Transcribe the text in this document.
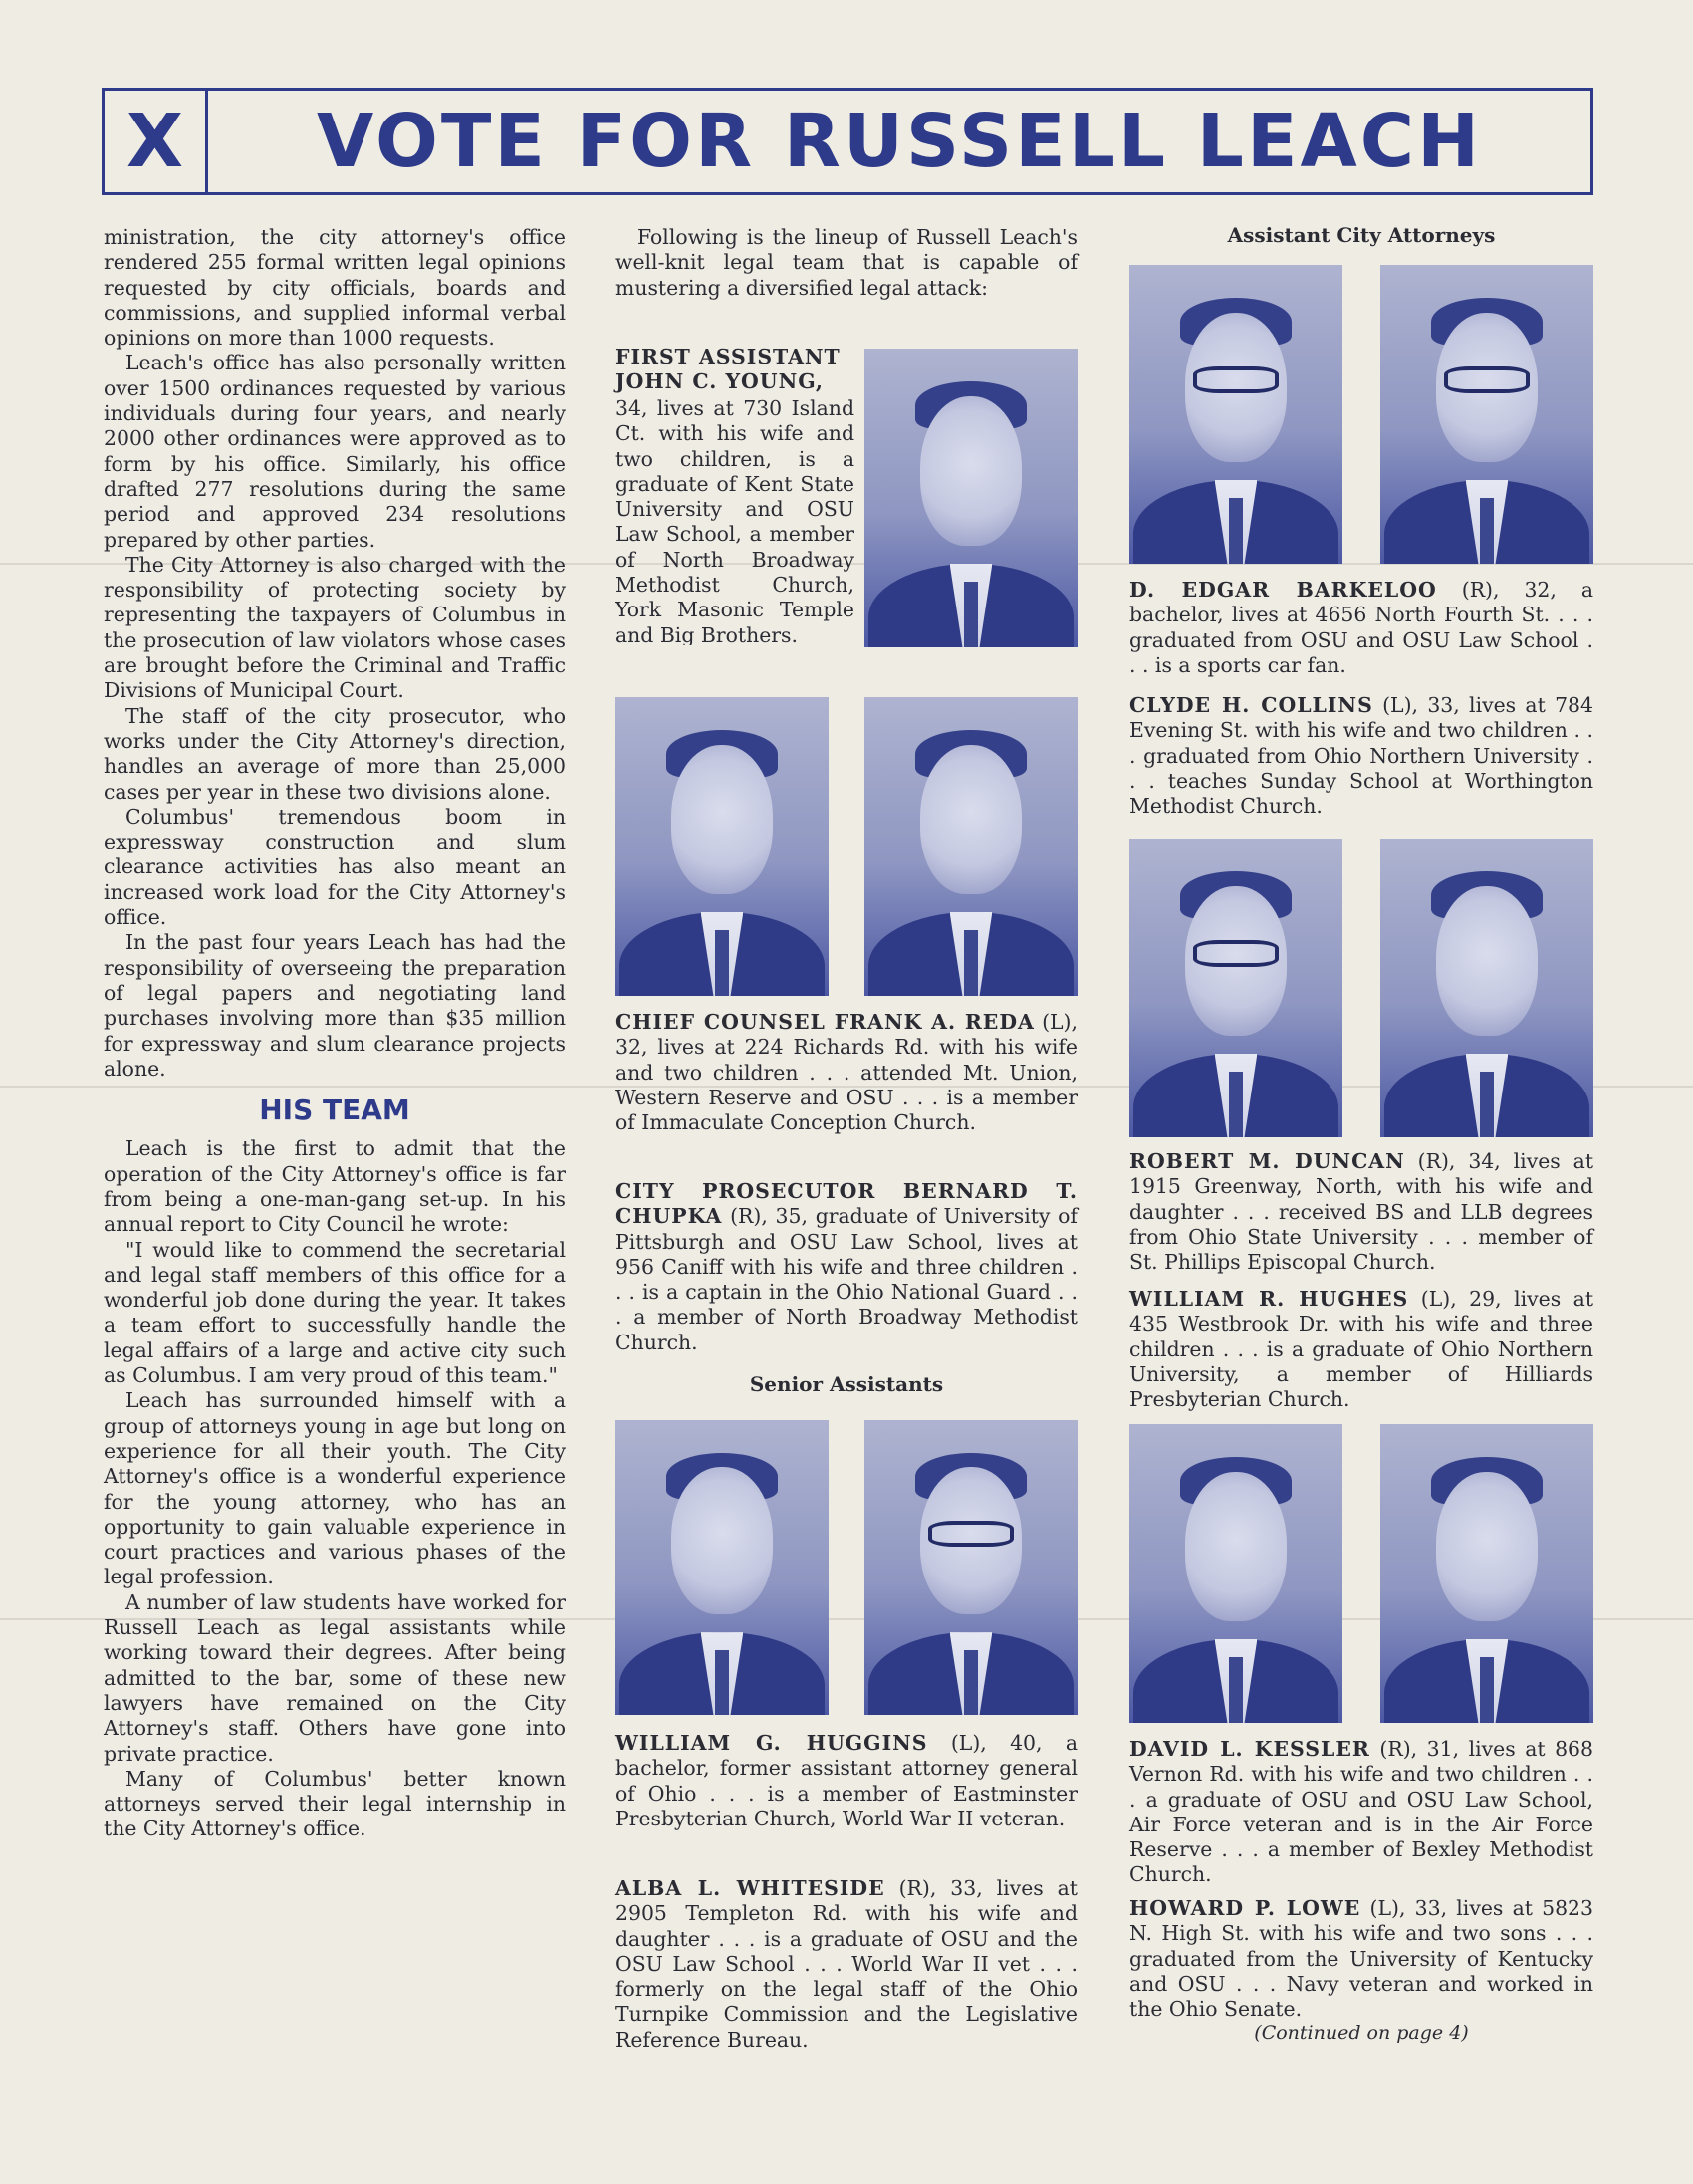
X	VOTE FOR RUSSELL LEACH

ministration, the city attorney's office rendered 255 formal written legal opinions requested by city officials, boards and commissions, and supplied informal verbal opinions on more than 1000 requests.

Leach's office has also personally written over 1500 ordinances requested by various individuals during four years, and nearly 2000 other ordinances were approved as to form by his office. Similarly, his office drafted 277 resolutions during the same period and approved 234 resolutions prepared by other parties.

The City Attorney is also charged with the responsibility of protecting society by representing the taxpayers of Columbus in the prosecution of law violators whose cases are brought before the Criminal and Traffic Divisions of Municipal Court.

The staff of the city prosecutor, who works under the City Attorney's direction, handles an average of more than 25,000 cases per year in these two divisions alone.

Columbus' tremendous boom in expressway construction and slum clearance activities has also meant an increased work load for the City Attorney's office.

In the past four years Leach has had the responsibility of overseeing the preparation of legal papers and negotiating land purchases involving more than $35 million for expressway and slum clearance projects alone.

HIS TEAM

Leach is the first to admit that the operation of the City Attorney's office is far from being a one-man-gang set-up. In his annual report to City Council he wrote:

"I would like to commend the secretarial and legal staff members of this office for a wonderful job done during the year. It takes a team effort to successfully handle the legal affairs of a large and active city such as Columbus. I am very proud of this team."

Leach has surrounded himself with a group of attorneys young in age but long on experience for all their youth. The City Attorney's office is a wonderful experience for the young attorney, who has an opportunity to gain valuable experience in court practices and various phases of the legal profession.

A number of law students have worked for Russell Leach as legal assistants while working toward their degrees. After being admitted to the bar, some of these new lawyers have remained on the City Attorney's staff. Others have gone into private practice.

Many of Columbus' better known attorneys served their legal internship in the City Attorney's office.

Following is the lineup of Russell Leach's well-knit legal team that is capable of mustering a diversified legal attack:

FIRST ASSISTANT JOHN C. YOUNG,
34, lives at 730 Island Ct. with his wife and two children, is a graduate of Kent State University and OSU Law School, a member of North Broadway Methodist Church, York Masonic Temple and Big Brothers.
CHIEF COUNSEL FRANK A. REDA (L), 32, lives at 224 Richards Rd. with his wife and two children . . . attended Mt. Union, Western Reserve and OSU . . . is a member of Immaculate Conception Church.
CITY PROSECUTOR BERNARD T. CHUPKA (R), 35, graduate of University of Pittsburgh and OSU Law School, lives at 956 Caniff with his wife and three children . . . is a captain in the Ohio National Guard . . . a member of North Broadway Methodist Church.
Senior Assistants
WILLIAM G. HUGGINS (L), 40, a bachelor, former assistant attorney general of Ohio . . . is a member of Eastminster Presbyterian Church, World War II veteran.
ALBA L. WHITESIDE (R), 33, lives at 2905 Templeton Rd. with his wife and daughter . . . is a graduate of OSU and the OSU Law School . . . World War II vet . . . formerly on the legal staff of the Ohio Turnpike Commission and the Legislative Reference Bureau.
Assistant City Attorneys
D. EDGAR BARKELOO (R), 32, a bachelor, lives at 4656 North Fourth St. . . . graduated from OSU and OSU Law School . . . is a sports car fan.
CLYDE H. COLLINS (L), 33, lives at 784 Evening St. with his wife and two children . . . graduated from Ohio Northern University . . . teaches Sunday School at Worthington Methodist Church.
ROBERT M. DUNCAN (R), 34, lives at 1915 Greenway, North, with his wife and daughter . . . received BS and LLB degrees from Ohio State University . . . member of St. Phillips Episcopal Church.
WILLIAM R. HUGHES (L), 29, lives at 435 Westbrook Dr. with his wife and three children . . . is a graduate of Ohio Northern University, a member of Hilliards Presbyterian Church.
DAVID L. KESSLER (R), 31, lives at 868 Vernon Rd. with his wife and two children . . . a graduate of OSU and OSU Law School, Air Force veteran and is in the Air Force Reserve . . . a member of Bexley Methodist Church.
HOWARD P. LOWE (L), 33, lives at 5823 N. High St. with his wife and two sons . . . graduated from the University of Kentucky and OSU . . . Navy veteran and worked in the Ohio Senate.
(Continued on page 4)
